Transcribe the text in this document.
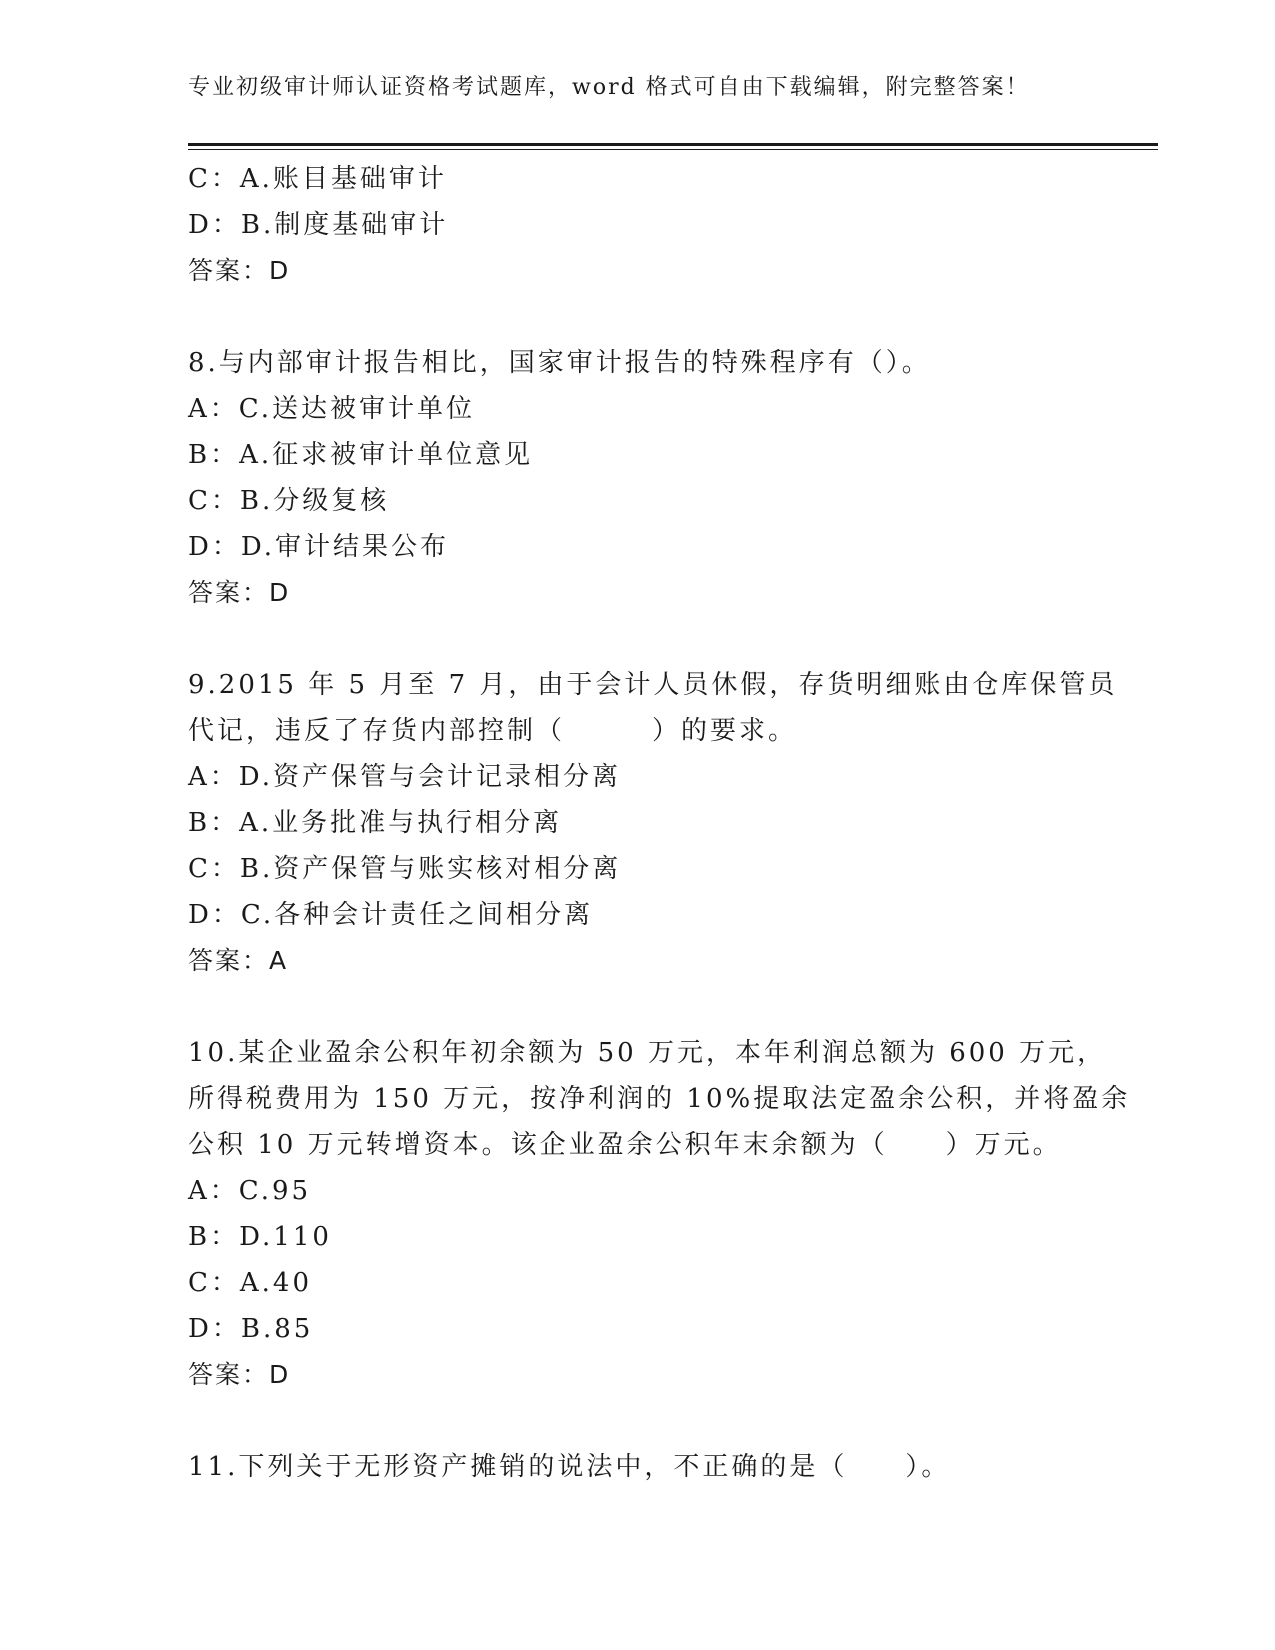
专业初级审计师认证资格考试题库，word 格式可自由下载编辑，附完整答案！
C：A.账目基础审计
D：B.制度基础审计
答案：D
8.与内部审计报告相比，国家审计报告的特殊程序有（）。
A：C.送达被审计单位
B：A.征求被审计单位意见
C：B.分级复核
D：D.审计结果公布
答案：D
9.2015 年 5 月至 7 月，由于会计人员休假，存货明细账由仓库保管员
代记，违反了存货内部控制（　　　）的要求。
A：D.资产保管与会计记录相分离
B：A.业务批准与执行相分离
C：B.资产保管与账实核对相分离
D：C.各种会计责任之间相分离
答案：A
10.某企业盈余公积年初余额为 50 万元，本年利润总额为 600 万元，
所得税费用为 150 万元，按净利润的 10%提取法定盈余公积，并将盈余
公积 10 万元转增资本。该企业盈余公积年末余额为（　　）万元。
A：C.95
B：D.110
C：A.40
D：B.85
答案：D
11.下列关于无形资产摊销的说法中，不正确的是（　　）。
